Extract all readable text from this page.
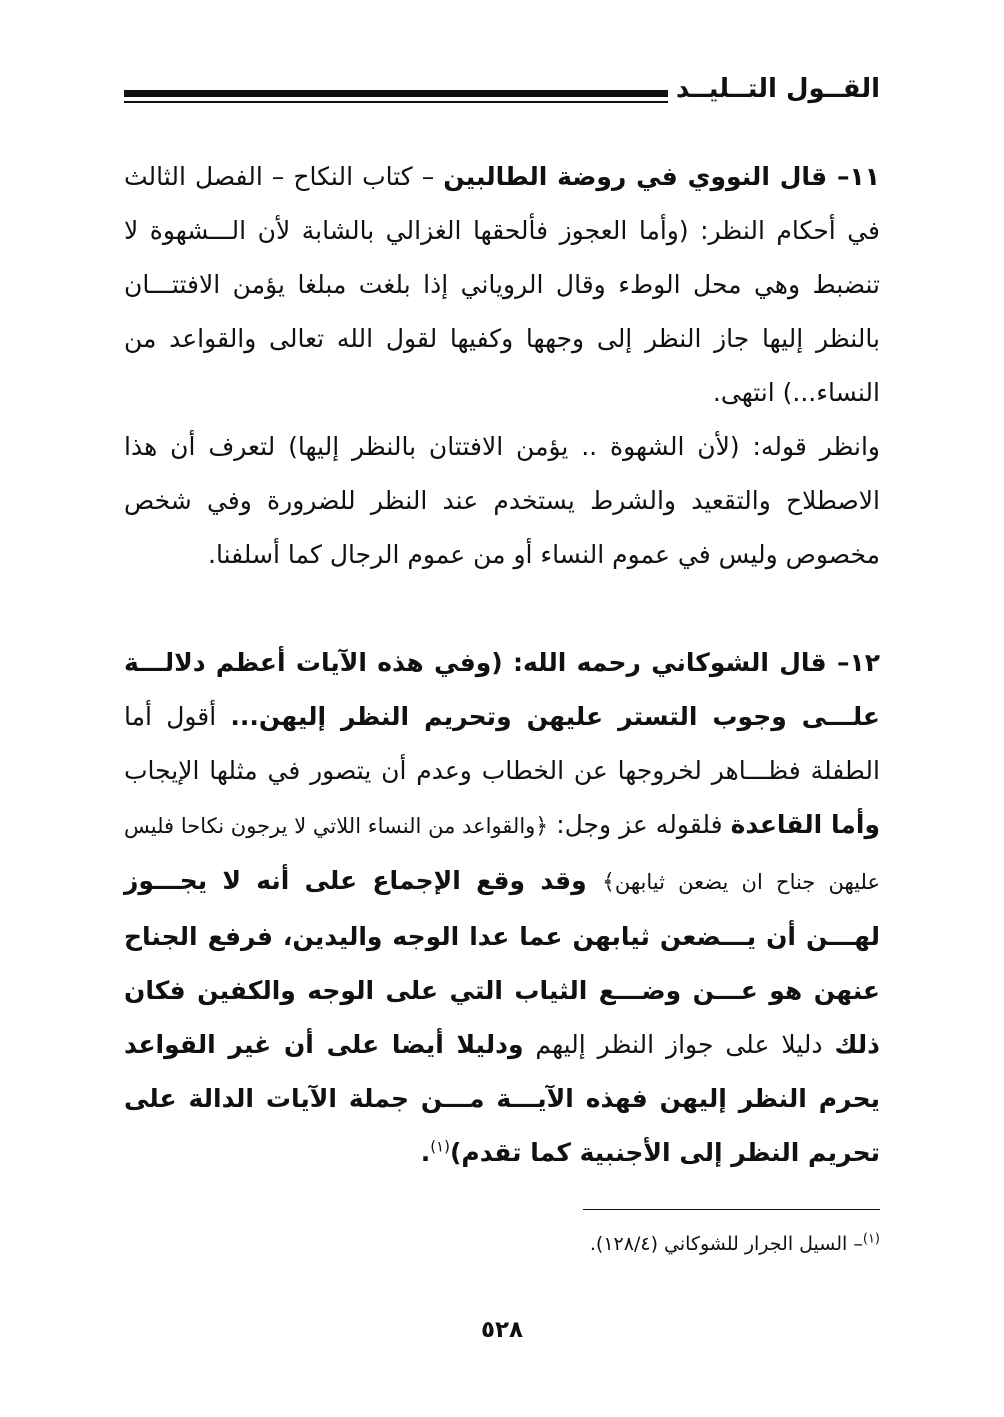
القــول التــليــد

١١– قال النووي في روضة الطالبين – كتاب النكاح – الفصل الثالث في أحكام النظر: (وأما العجوز فألحقها الغزالي بالشابة لأن الـــشهوة لا تنضبط وهي محل الوطء وقال الروياني إذا بلغت مبلغا يؤمن الافتتـــان بالنظر إليها جاز النظر إلى وجهها وكفيها لقول الله تعالى والقواعد من النساء...) انتهى.

وانظر قوله: (لأن الشهوة .. يؤمن الافتتان بالنظر إليها) لتعرف أن هذا الاصطلاح والتقعيد والشرط يستخدم عند النظر للضرورة وفي شخص مخصوص وليس في عموم النساء أو من عموم الرجال كما أسلفنا.

١٢– قال الشوكاني رحمه الله: (وفي هذه الآيات أعظم دلالـــة علـــى وجوب التستر عليهن وتحريم النظر إليهن... أقول أما الطفلة فظـــاهر لخروجها عن الخطاب وعدم أن يتصور في مثلها الإيجاب وأما القاعدة فلقوله عز وجل: ﴿والقواعد من النساء اللاتي لا يرجون نكاحا فليس عليهن جناح ان يضعن ثيابهن﴾ وقد وقع الإجماع على أنه لا يجـــوز لهـــن أن يـــضعن ثيابهن عما عدا الوجه واليدين، فرفع الجناح عنهن هو عـــن وضـــع الثياب التي على الوجه والكفين فكان ذلك دليلا على جواز النظر إليهم ودليلا أيضا على أن غير القواعد يحرم النظر إليهن فهذه الآيـــة مـــن جملة الآيات الدالة على تحريم النظر إلى الأجنبية كما تقدم)$^{(١)}$.

$^{(١)}$– السيل الجرار للشوكاني (١٢٨/٤).
٥٢٨
